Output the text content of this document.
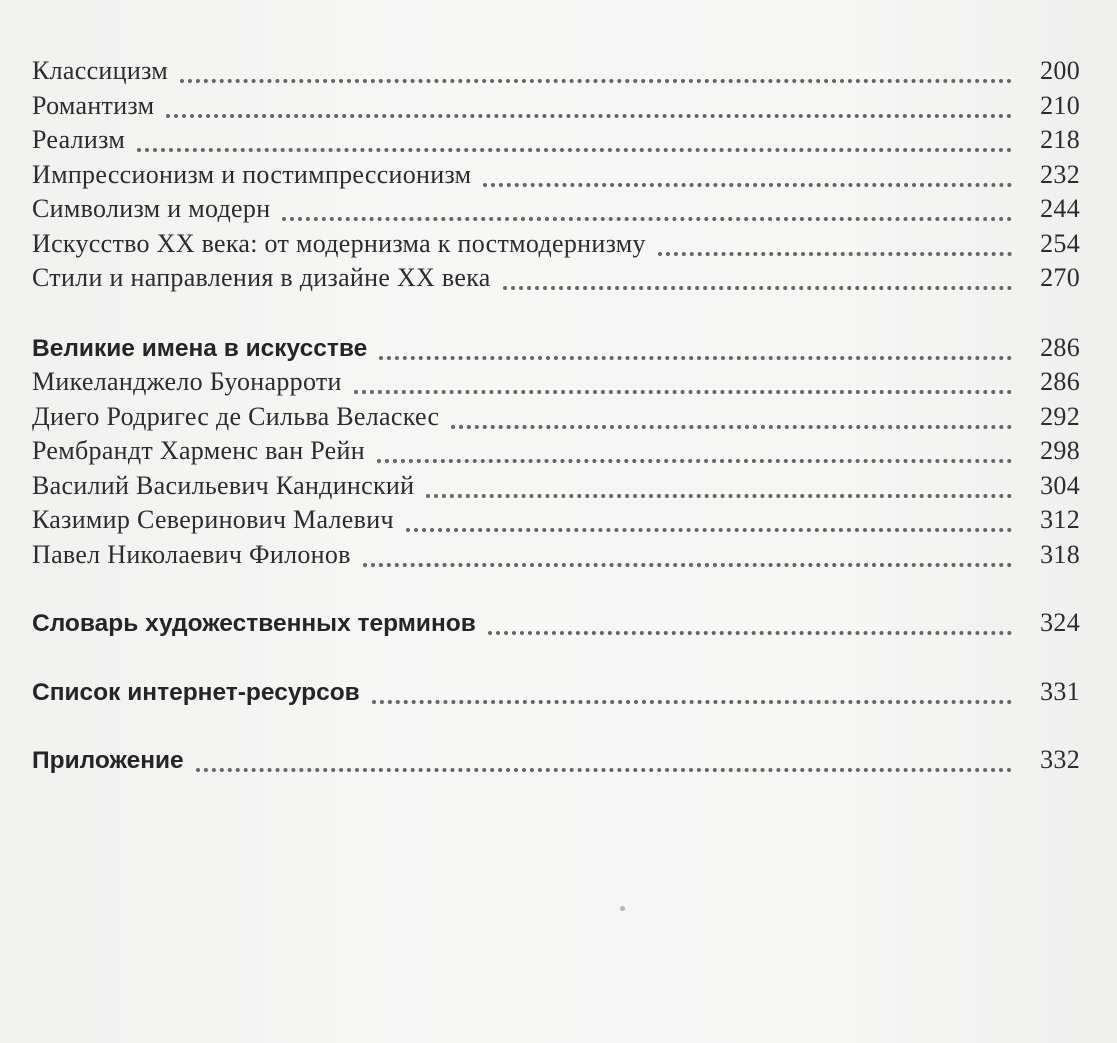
Классицизм	200
Романтизм	210
Реализм	218
Импрессионизм и постимпрессионизм	232
Символизм и модерн	244
Искусство XX века: от модернизма к постмодернизму	254
Стили и направления в дизайне XX века	270
Великие имена в искусстве	286
Микеланджело Буонарроти	286
Диего Родригес де Сильва Веласкес	292
Рембрандт Харменс ван Рейн	298
Василий Васильевич Кандинский	304
Казимир Северинович Малевич	312
Павел Николаевич Филонов	318
Словарь художественных терминов	324
Список интернет-ресурсов	331
Приложение	332
